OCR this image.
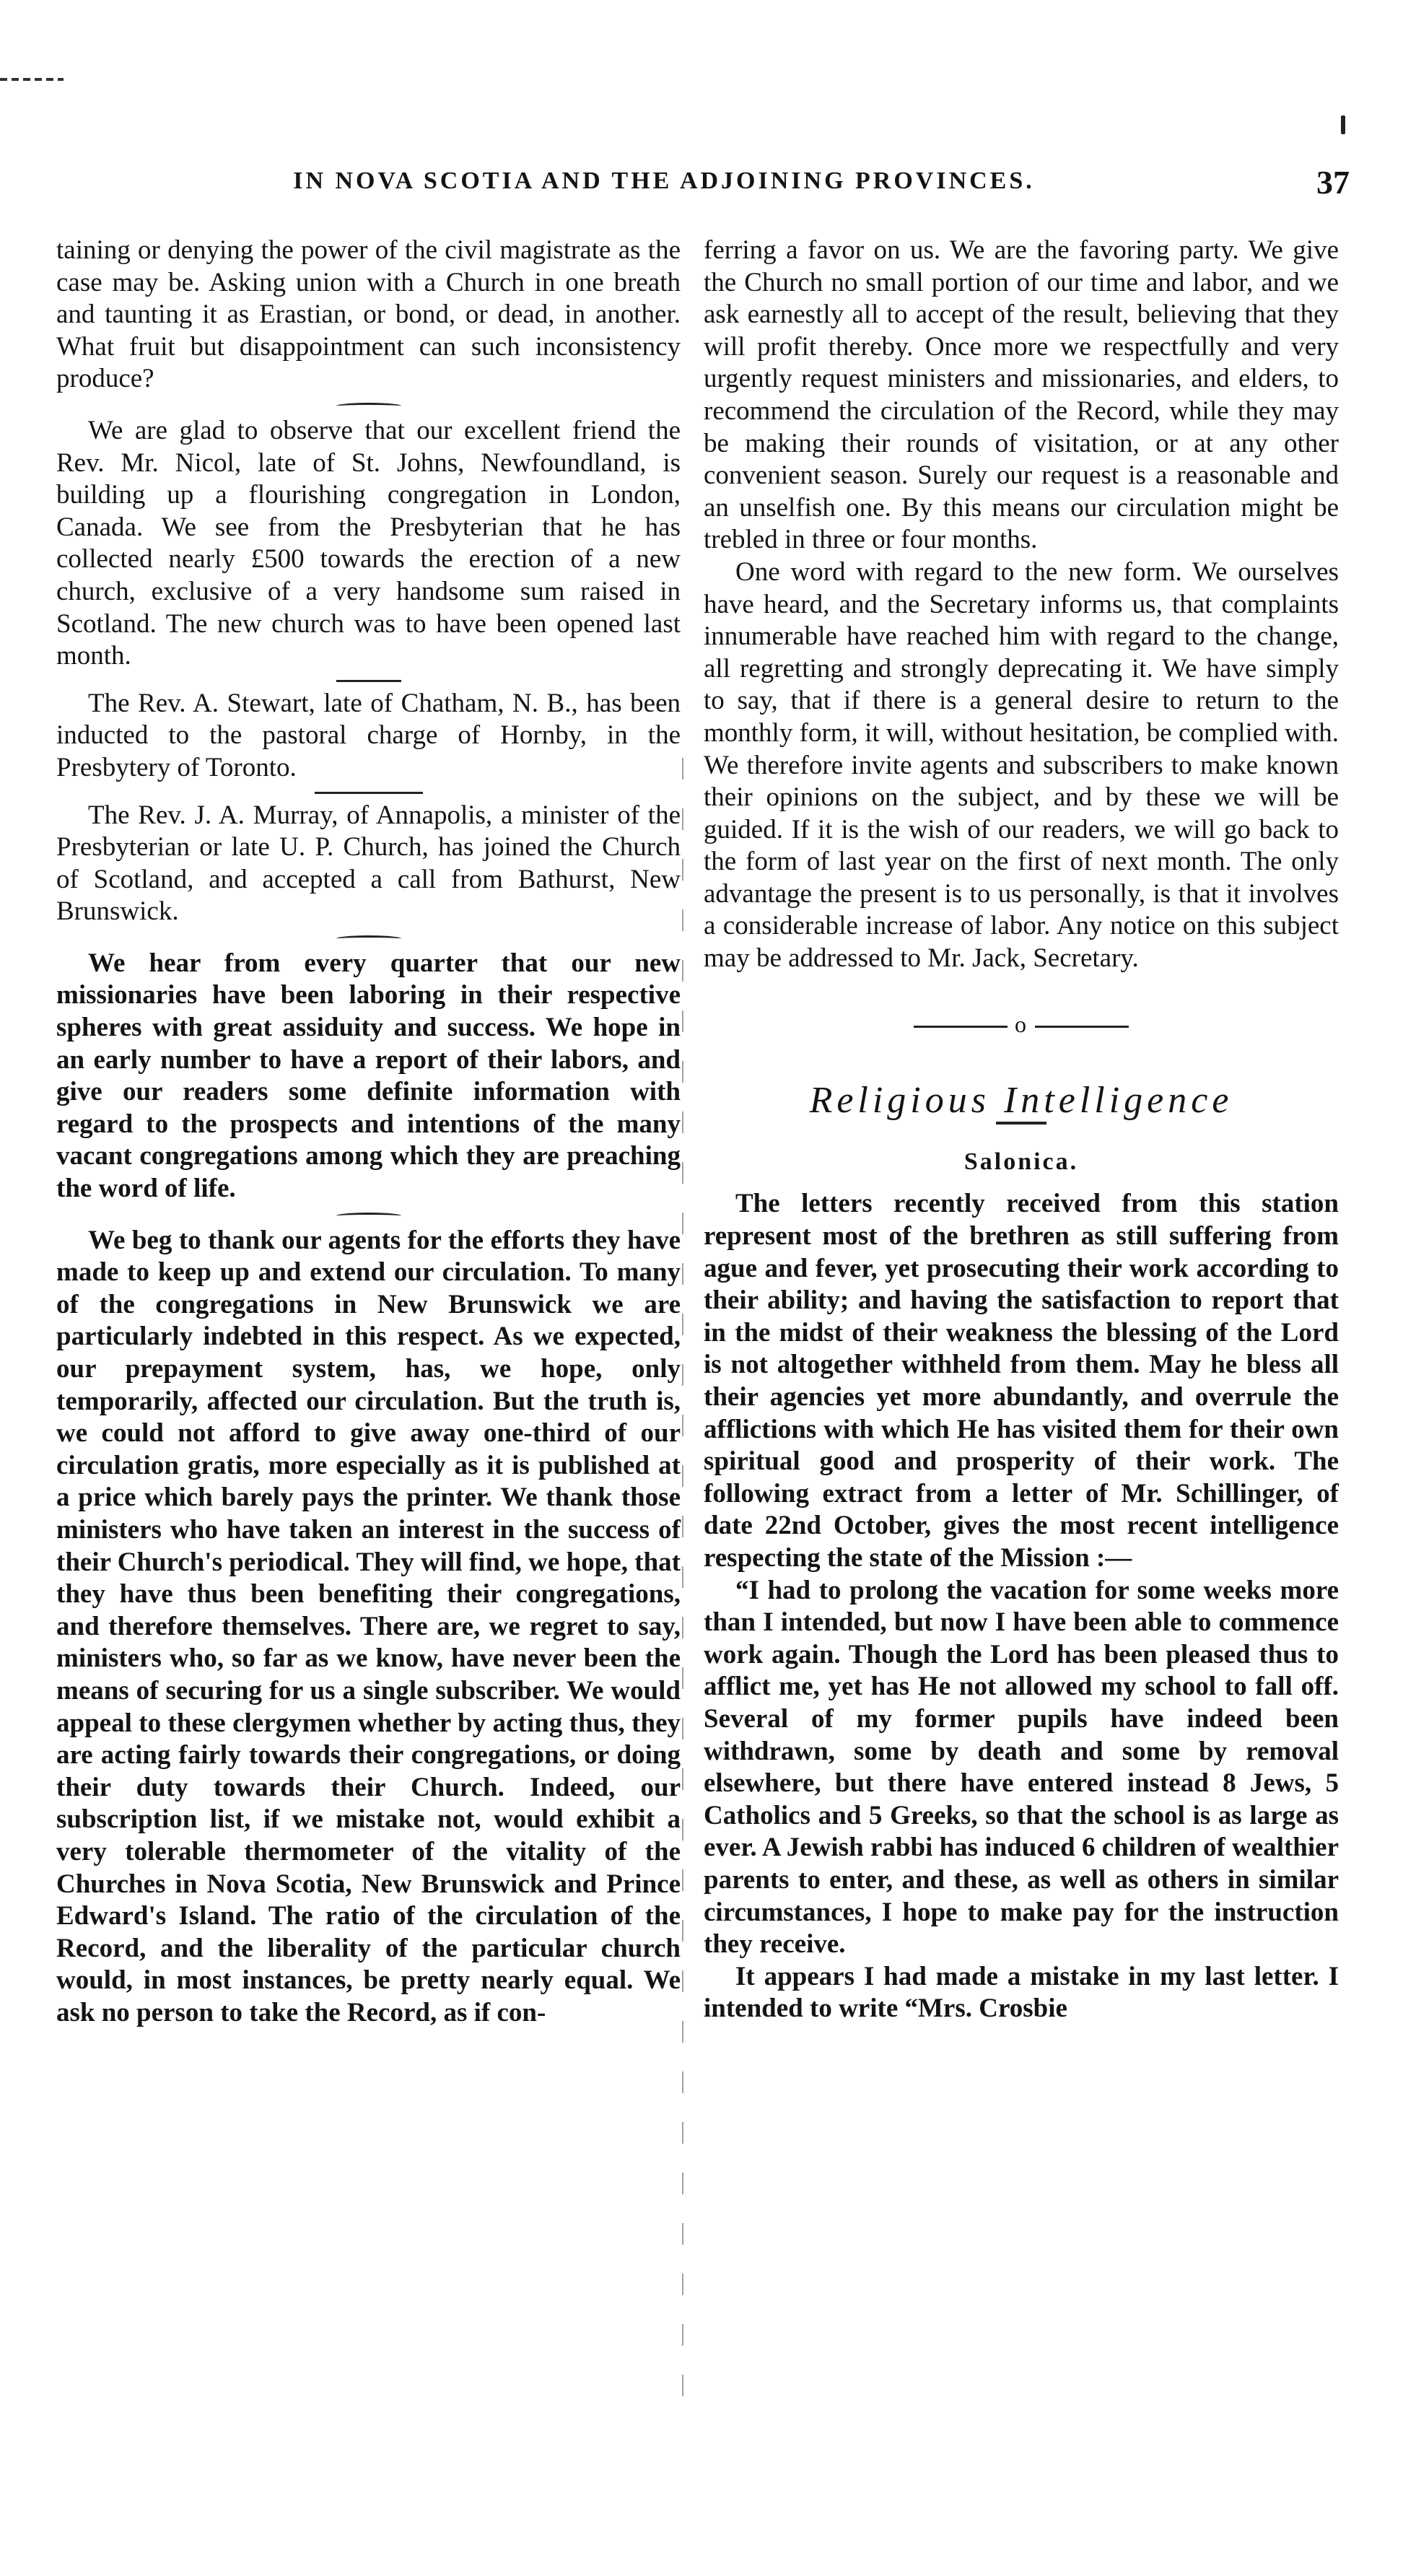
IN NOVA SCOTIA AND THE ADJOINING PROVINCES.	37

taining or denying the power of the civil magistrate as the case may be. Asking union with a Church in one breath and taunting it as Erastian, or bond, or dead, in another. What fruit but disappointment can such inconsistency produce?

We are glad to observe that our excellent friend the Rev. Mr. Nicol, late of St. Johns, Newfoundland, is building up a flourishing congregation in London, Canada. We see from the Presbyterian that he has collected nearly £500 towards the erection of a new church, exclusive of a very handsome sum raised in Scotland. The new church was to have been opened last month.

The Rev. A. Stewart, late of Chatham, N. B., has been inducted to the pastoral charge of Hornby, in the Presbytery of Toronto.

The Rev. J. A. Murray, of Annapolis, a minister of the Presbyterian or late U. P. Church, has joined the Church of Scotland, and accepted a call from Bathurst, New Brunswick.

We hear from every quarter that our new missionaries have been laboring in their respective spheres with great assiduity and success. We hope in an early number to have a report of their labors, and give our readers some definite information with regard to the prospects and intentions of the many vacant congregations among which they are preaching the word of life.

We beg to thank our agents for the efforts they have made to keep up and extend our circulation. To many of the congregations in New Brunswick we are particularly indebted in this respect. As we expected, our prepayment system, has, we hope, only temporarily, affected our circulation. But the truth is, we could not afford to give away one-third of our circulation gratis, more especially as it is published at a price which barely pays the printer. We thank those ministers who have taken an interest in the success of their Church's periodical. They will find, we hope, that they have thus been benefiting their congregations, and therefore themselves. There are, we regret to say, ministers who, so far as we know, have never been the means of securing for us a single subscriber. We would appeal to these clergymen whether by acting thus, they are acting fairly towards their congregations, or doing their duty towards their Church. Indeed, our subscription list, if we mistake not, would exhibit a very tolerable thermometer of the vitality of the Churches in Nova Scotia, New Brunswick and Prince Edward's Island. The ratio of the circulation of the Record, and the liberality of the particular church would, in most instances, be pretty nearly equal. We ask no person to take the Record, as if con-

ferring a favor on us. We are the favoring party. We give the Church no small portion of our time and labor, and we ask earnestly all to accept of the result, believing that they will profit thereby. Once more we respectfully and very urgently request ministers and missionaries, and elders, to recommend the circulation of the Record, while they may be making their rounds of visitation, or at any other convenient season. Surely our request is a reasonable and an unselfish one. By this means our circulation might be trebled in three or four months.

One word with regard to the new form. We ourselves have heard, and the Secretary informs us, that complaints innumerable have reached him with regard to the change, all regretting and strongly deprecating it. We have simply to say, that if there is a general desire to return to the monthly form, it will, without hesitation, be complied with. We therefore invite agents and subscribers to make known their opinions on the subject, and by these we will be guided. If it is the wish of our readers, we will go back to the form of last year on the first of next month. The only advantage the present is to us personally, is that it involves a considerable increase of labor. Any notice on this subject may be addressed to Mr. Jack, Secretary.

o
Religious Intelligence
Salonica.

The letters recently received from this station represent most of the brethren as still suffering from ague and fever, yet prosecuting their work according to their ability; and having the satisfaction to report that in the midst of their weakness the blessing of the Lord is not altogether withheld from them. May he bless all their agencies yet more abundantly, and overrule the afflictions with which He has visited them for their own spiritual good and prosperity of their work. The following extract from a letter of Mr. Schillinger, of date 22nd October, gives the most recent intelligence respecting the state of the Mission :—

“I had to prolong the vacation for some weeks more than I intended, but now I have been able to commence work again. Though the Lord has been pleased thus to afflict me, yet has He not allowed my school to fall off. Several of my former pupils have indeed been withdrawn, some by death and some by removal elsewhere, but there have entered instead 8 Jews, 5 Catholics and 5 Greeks, so that the school is as large as ever. A Jewish rabbi has induced 6 children of wealthier parents to enter, and these, as well as others in similar circumstances, I hope to make pay for the instruction they receive.

It appears I had made a mistake in my last letter. I intended to write “Mrs. Crosbie
